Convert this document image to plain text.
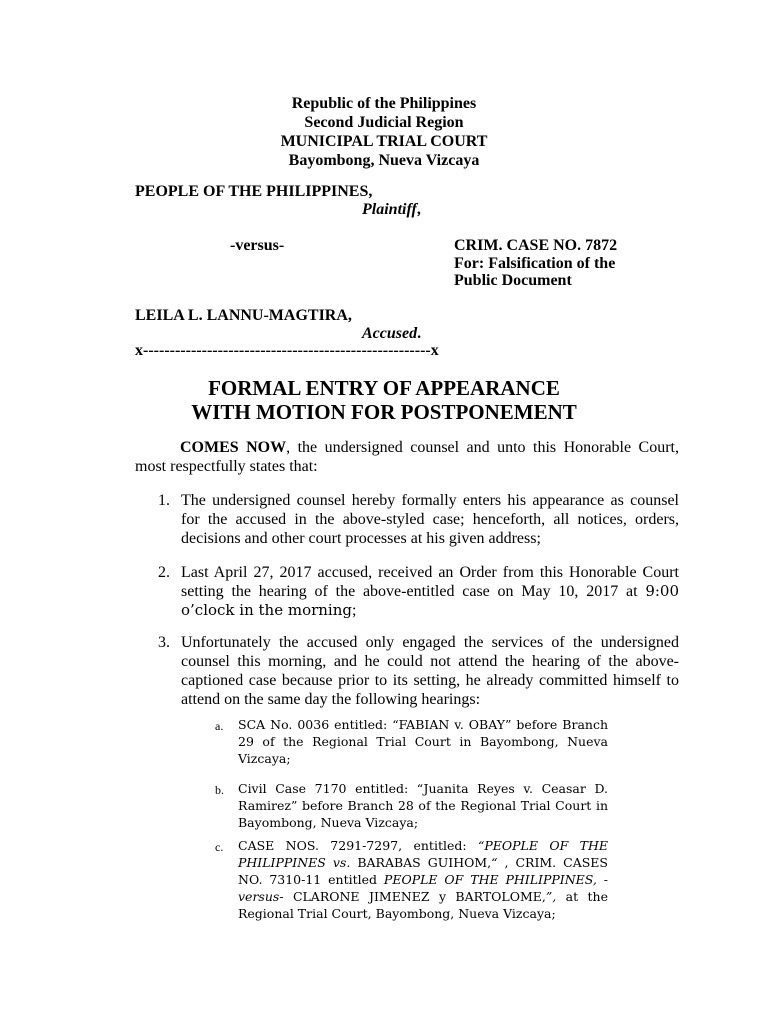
Republic of the Philippines
Second Judicial Region
MUNICIPAL TRIAL COURT
Bayombong, Nueva Vizcaya
PEOPLE OF THE PHILIPPINES,
Plaintiff,
-versus-	CRIM. CASE NO. 7872
For: Falsification of the
Public Document
LEILA L. LANNU-MAGTIRA,
Accused.
x------------------------------------------------------x
FORMAL ENTRY OF APPEARANCE
WITH MOTION FOR POSTPONEMENT
COMES NOW, the undersigned counsel and unto this Honorable Court, most respectfully states that:
1. The undersigned counsel hereby formally enters his appearance as counsel for the accused in the above-styled case; henceforth, all notices, orders, decisions and other court processes at his given address;
2. Last April 27, 2017 accused, received an Order from this Honorable Court setting the hearing of the above-entitled case on May 10, 2017 at 9:00 o’clock in the morning;
3. Unfortunately the accused only engaged the services of the undersigned counsel this morning, and he could not attend the hearing of the above-captioned case because prior to its setting, he already committed himself to attend on the same day the following hearings:
a. SCA No. 0036 entitled: “FABIAN v. OBAY” before Branch 29 of the Regional Trial Court in Bayombong, Nueva Vizcaya;
b. Civil Case 7170 entitled: “Juanita Reyes v. Ceasar D. Ramirez” before Branch 28 of the Regional Trial Court in Bayombong, Nueva Vizcaya;
c. CASE NOS. 7291-7297, entitled: “PEOPLE OF THE PHILIPPINES vs. BARABAS GUIHOM,“ , CRIM. CASES NO. 7310-11 entitled PEOPLE OF THE PHILIPPINES, -versus- CLARONE JIMENEZ y BARTOLOME,”, at the Regional Trial Court, Bayombong, Nueva Vizcaya;
